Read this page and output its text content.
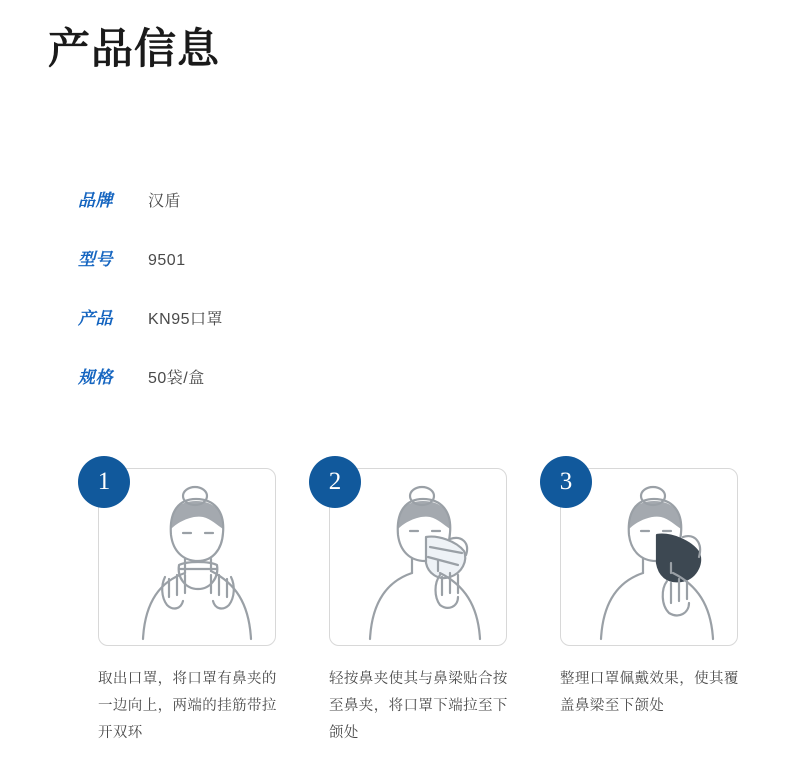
产品信息
品牌	汉盾
型号	9501
产品	KN95口罩
规格	50袋/盒
1
取出口罩，将口罩有鼻夹的一边向上，两端的挂筋带拉开双环
2
轻按鼻夹使其与鼻梁贴合按至鼻夹，将口罩下端拉至下颌处
3
整理口罩佩戴效果，使其覆盖鼻梁至下颌处
